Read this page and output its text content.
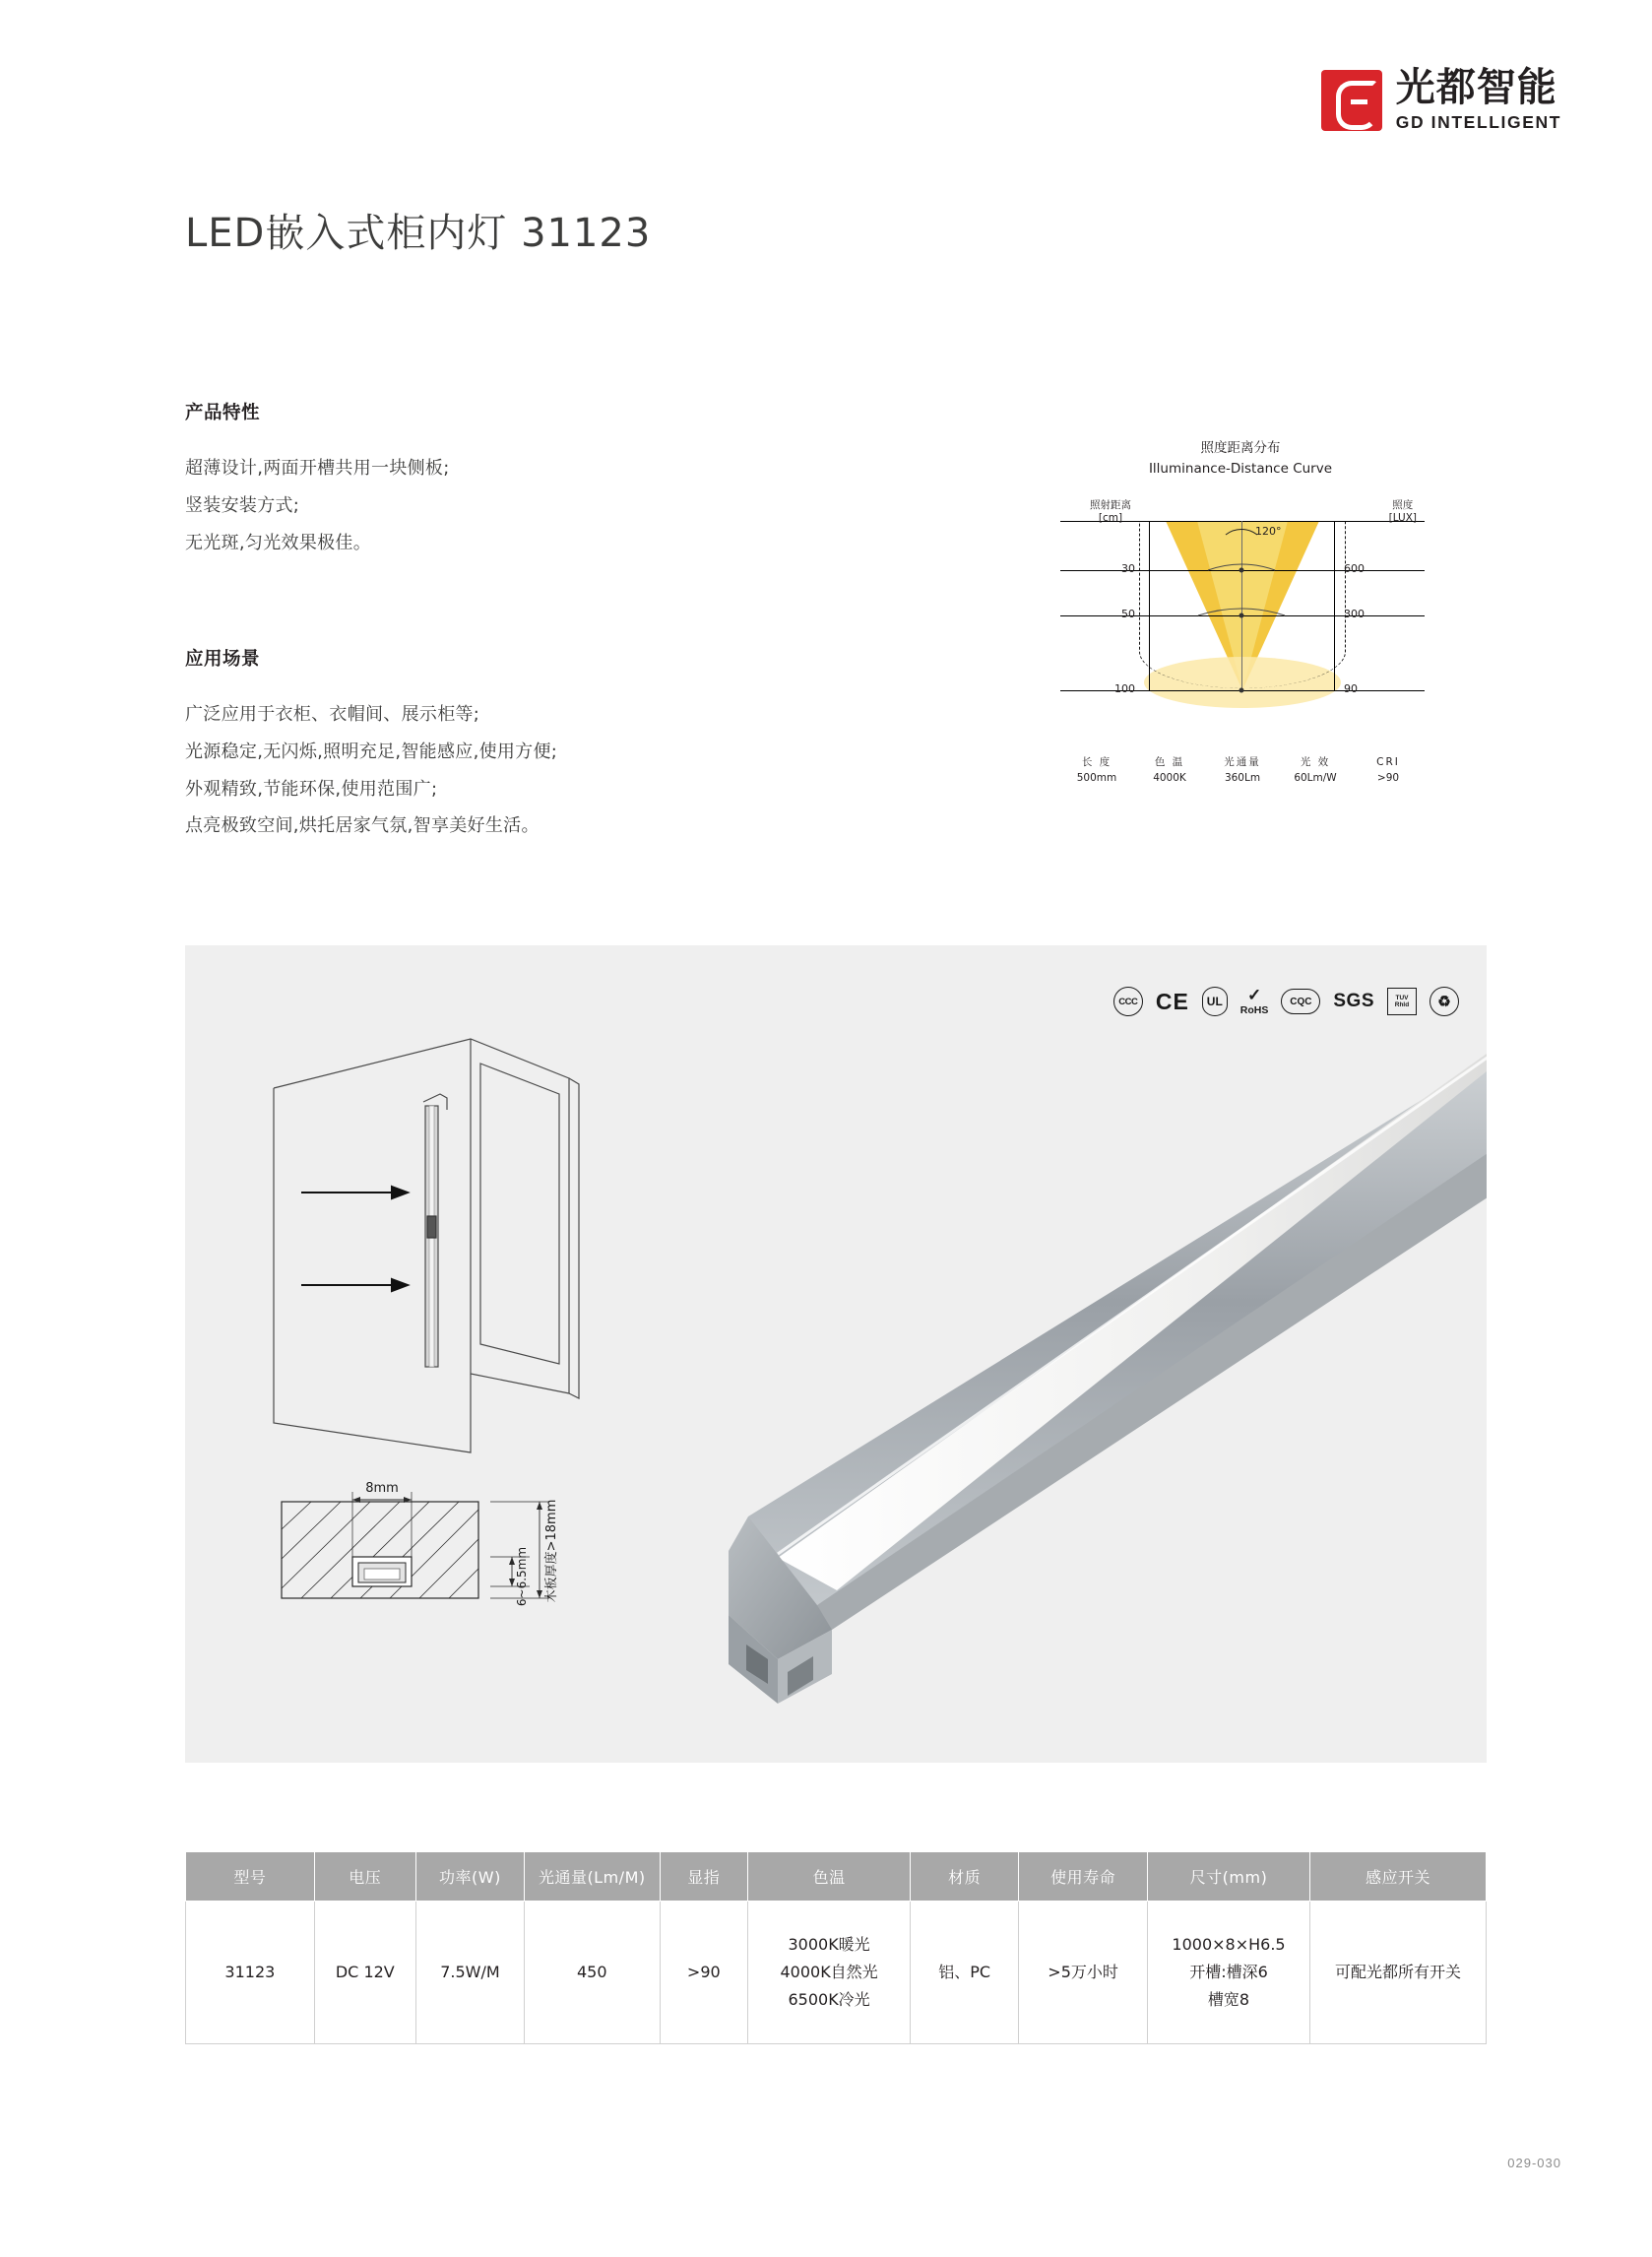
光都智能
GD INTELLIGENT
LED嵌入式柜内灯 31123
产品特性
超薄设计,两面开槽共用一块侧板;
竖装安装方式;
无光斑,匀光效果极佳。
应用场景
广泛应用于衣柜、衣帽间、展示柜等;
光源稳定,无闪烁,照明充足,智能感应,使用方便;
外观精致,节能环保,使用范围广;
点亮极致空间,烘托居家气氛,智享美好生活。
照度距离分布
Illuminance-Distance Curve
照射距离
[cm]
照度
[LUX]
30
50
100
600
300
90
120°
长 度
500mm
色 温
4000K
光通量
360Lm
光 效
60Lm/W
CRI
>90
CCC CE	UL ✓
RoHS
CQC	SGS	TUV
Rhld	♻
8mm
6~6.5mm 木板厚度>18mm
型号	电压	功率(W)	光通量(Lm/M)	显指	色温	材质	使用寿命	尺寸(mm)	感应开关
31123	DC 12V	7.5W/M	450	>90	
3000K暖光
4000K自然光
6500K冷光
	铝、PC	>5万小时	
1000×8×H6.5
开槽:槽深6
槽宽8
	可配光都所有开关
029-030
